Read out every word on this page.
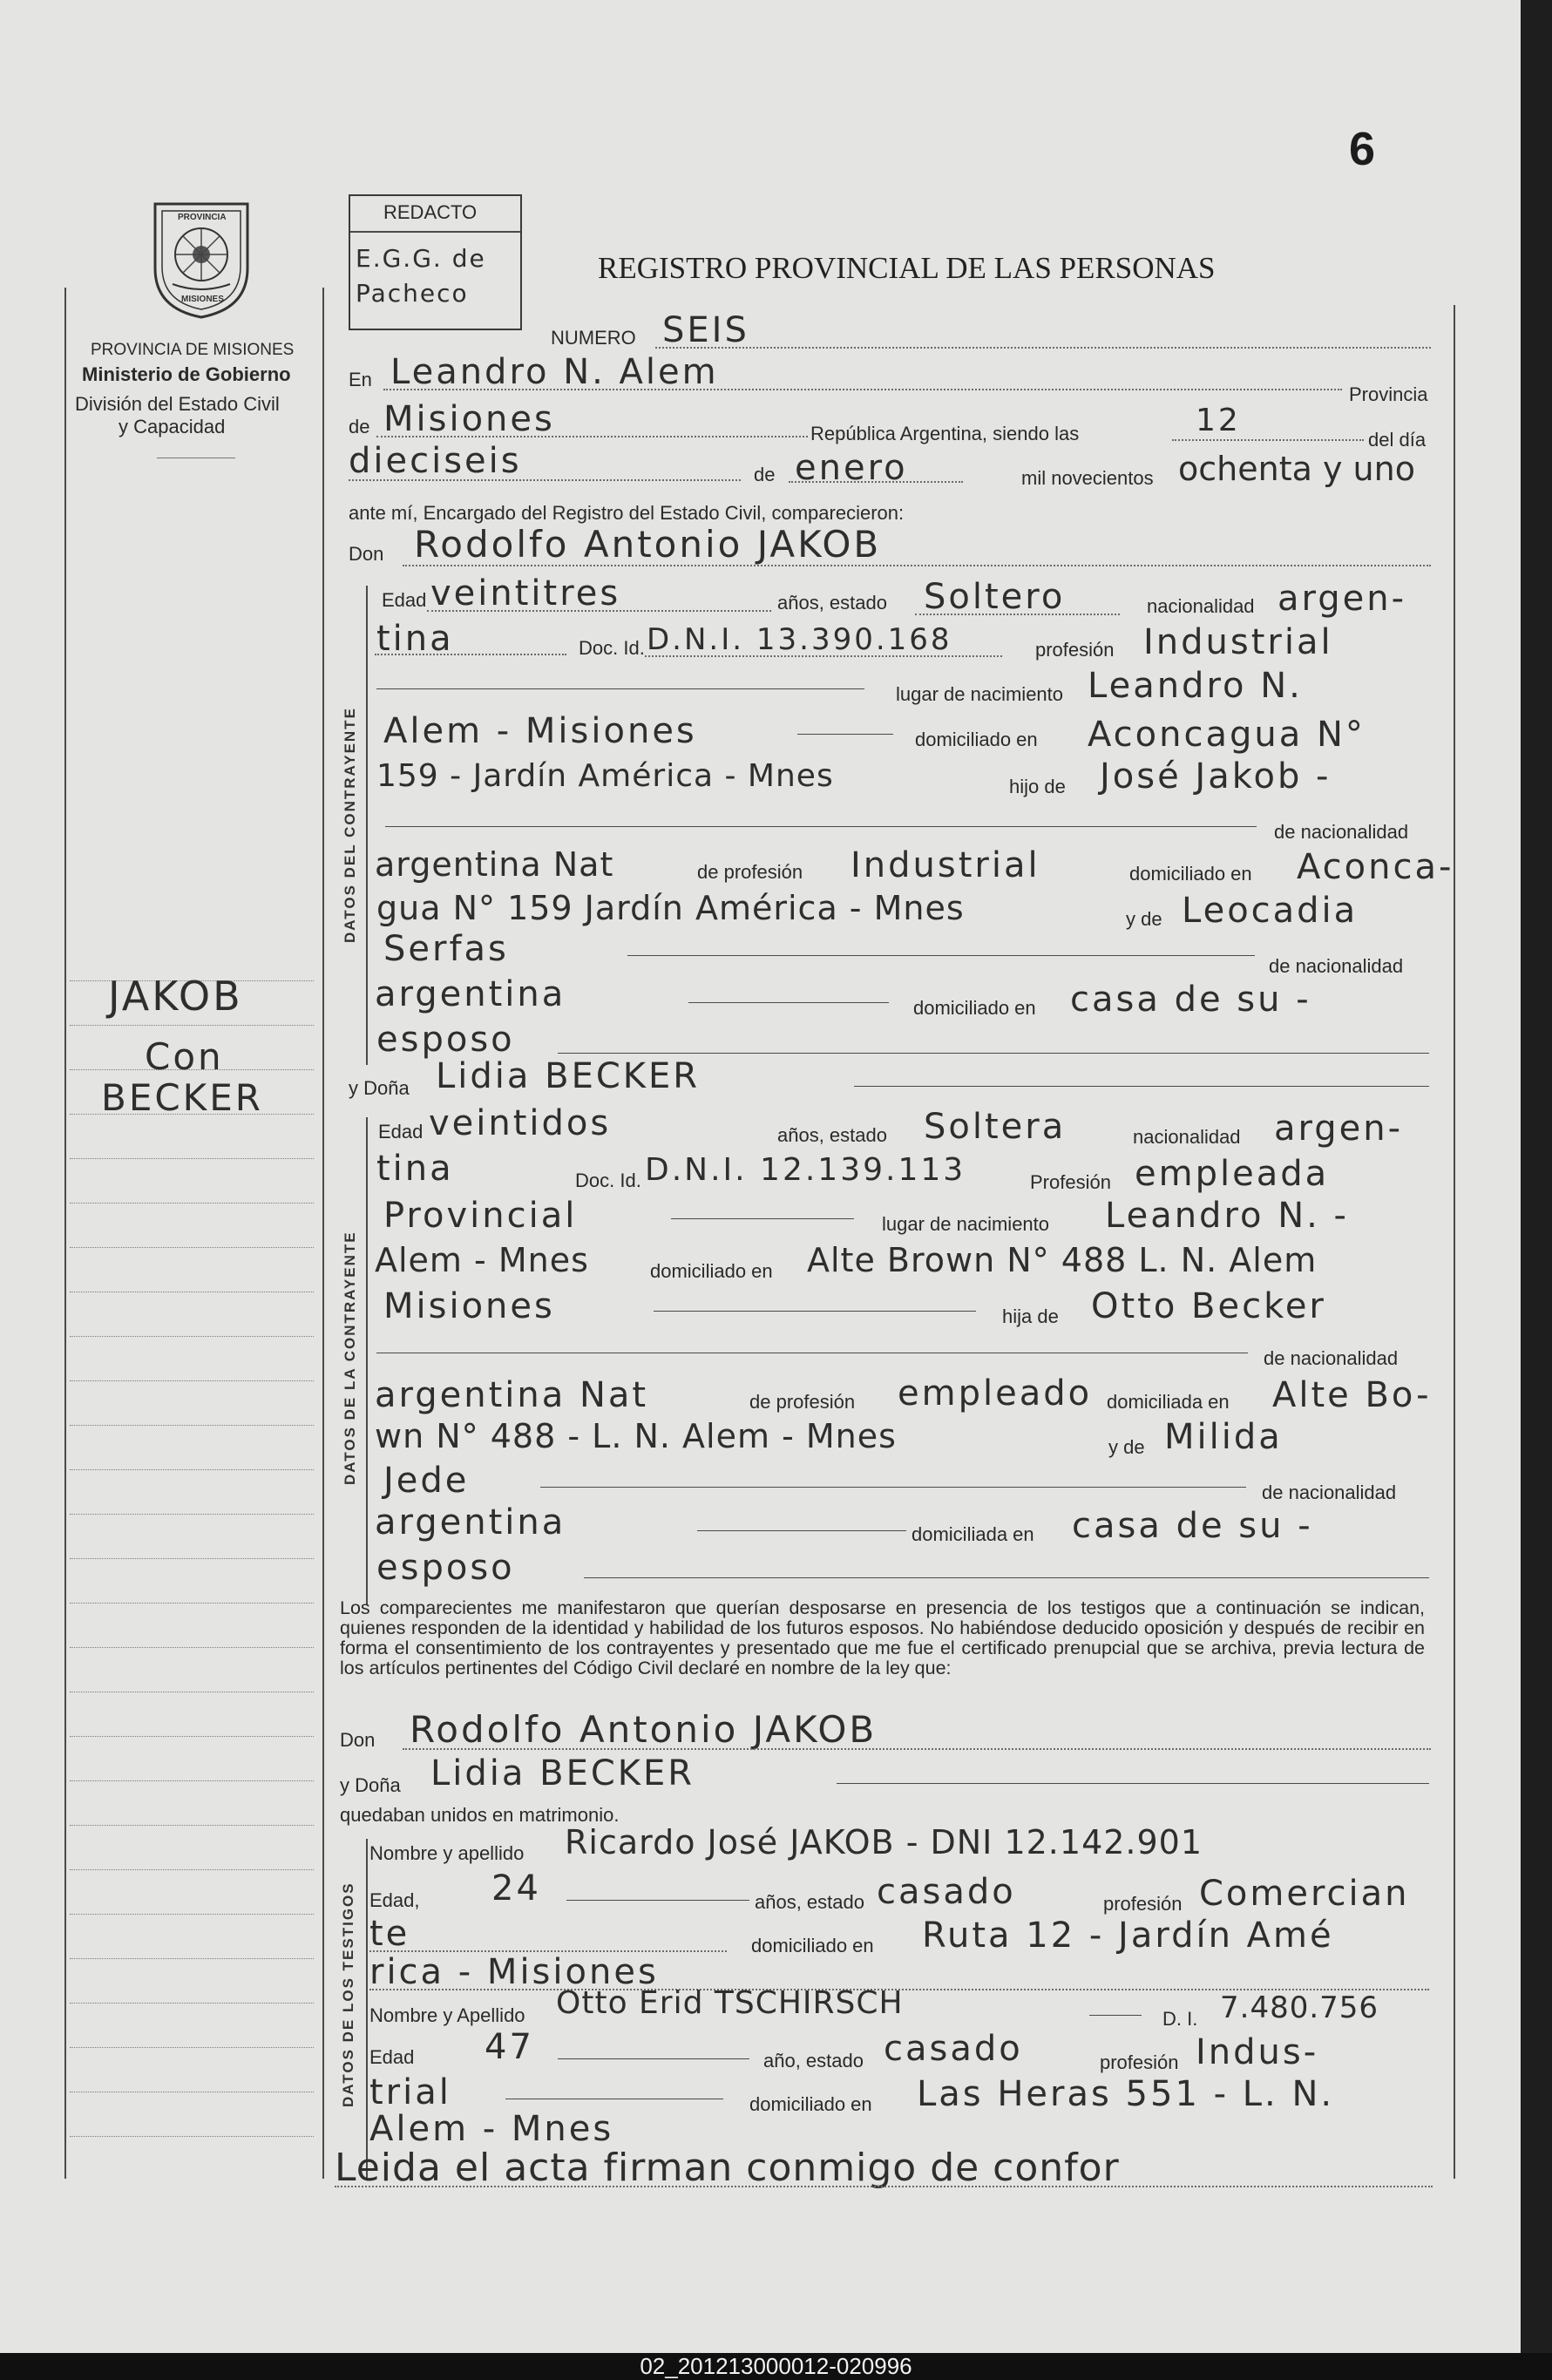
6
PROVINCIA
MISIONES
PROVINCIA DE MISIONES
Ministerio de Gobierno
División del Estado Civil
y Capacidad
REDACTO
E.G.G. de Pacheco
REGISTRO PROVINCIAL DE LAS PERSONAS
JAKOB
Con
BECKER
NUMERO SEIS
En Leandro N. Alem
Provincia
de Misiones	República Argentina, siendo las	12
del día
dieciseis	de enero	mil novecientos ochenta y uno
ante mí, Encargado del Registro del Estado Civil, comparecieron:
Don Rodolfo Antonio JAKOB
DATOS DEL CONTRAYENTE
Edad veintitres	años, estado Soltero	nacionalidad argen-
tina	Doc. Id. D.N.I. 13.390.168	profesión Industrial
lugar de nacimiento Leandro N.
Alem - Misiones	domiciliado en Aconcagua N°
159 - Jardín América - Mnes	hijo de José Jakob -
de nacionalidad
argentina Nat	de profesión Industrial	domiciliado en Aconca-
gua N° 159 Jardín América - Mnes	y de Leocadia
Serfas	de nacionalidad
argentina	domiciliado en casa de su -
esposo
y Doña Lidia BECKER
DATOS DE LA CONTRAYENTE
Edad veintidos	años, estado Soltera	nacionalidad argen-
tina	Doc. Id. D.N.I. 12.139.113	Profesión empleada
Provincial	lugar de nacimiento Leandro N. -
Alem - Mnes	domiciliado en Alte Brown N° 488 L. N. Alem
Misiones	hija de Otto Becker
de nacionalidad
argentina Nat	de profesión empleado domiciliada en Alte Bo-
wn N° 488 - L. N. Alem - Mnes	y de Milida
Jede	de nacionalidad
argentina	domiciliada en casa de su -
esposo
Los comparecientes me manifestaron que querían desposarse en presencia de los testigos que a continuación se indican, quienes responden de la identidad y habilidad de los futuros esposos. No habiéndose deducido oposición y después de recibir en forma el consentimiento de los contrayentes y presentado que me fue el certificado prenupcial que se archiva, previa lectura de los artículos pertinentes del Código Civil declaré en nombre de la ley que:
Don Rodolfo Antonio JAKOB
y Doña Lidia BECKER
quedaban unidos en matrimonio.
DATOS DE LOS TESTIGOS
Nombre y apellido Ricardo José JAKOB - DNI 12.142.901
Edad, 24	años, estado casado	profesión Comercian
te	domiciliado en Ruta 12 - Jardín Amé
rica - Misiones
Nombre y Apellido Otto Erid TSCHIRSCH	D. I. 7.480.756
Edad 47	año, estado casado	profesión Indus-
trial	domiciliado en Las Heras 551 - L. N.
Alem - Mnes
Leida el acta firman conmigo de confor
02_201213000012-020996
